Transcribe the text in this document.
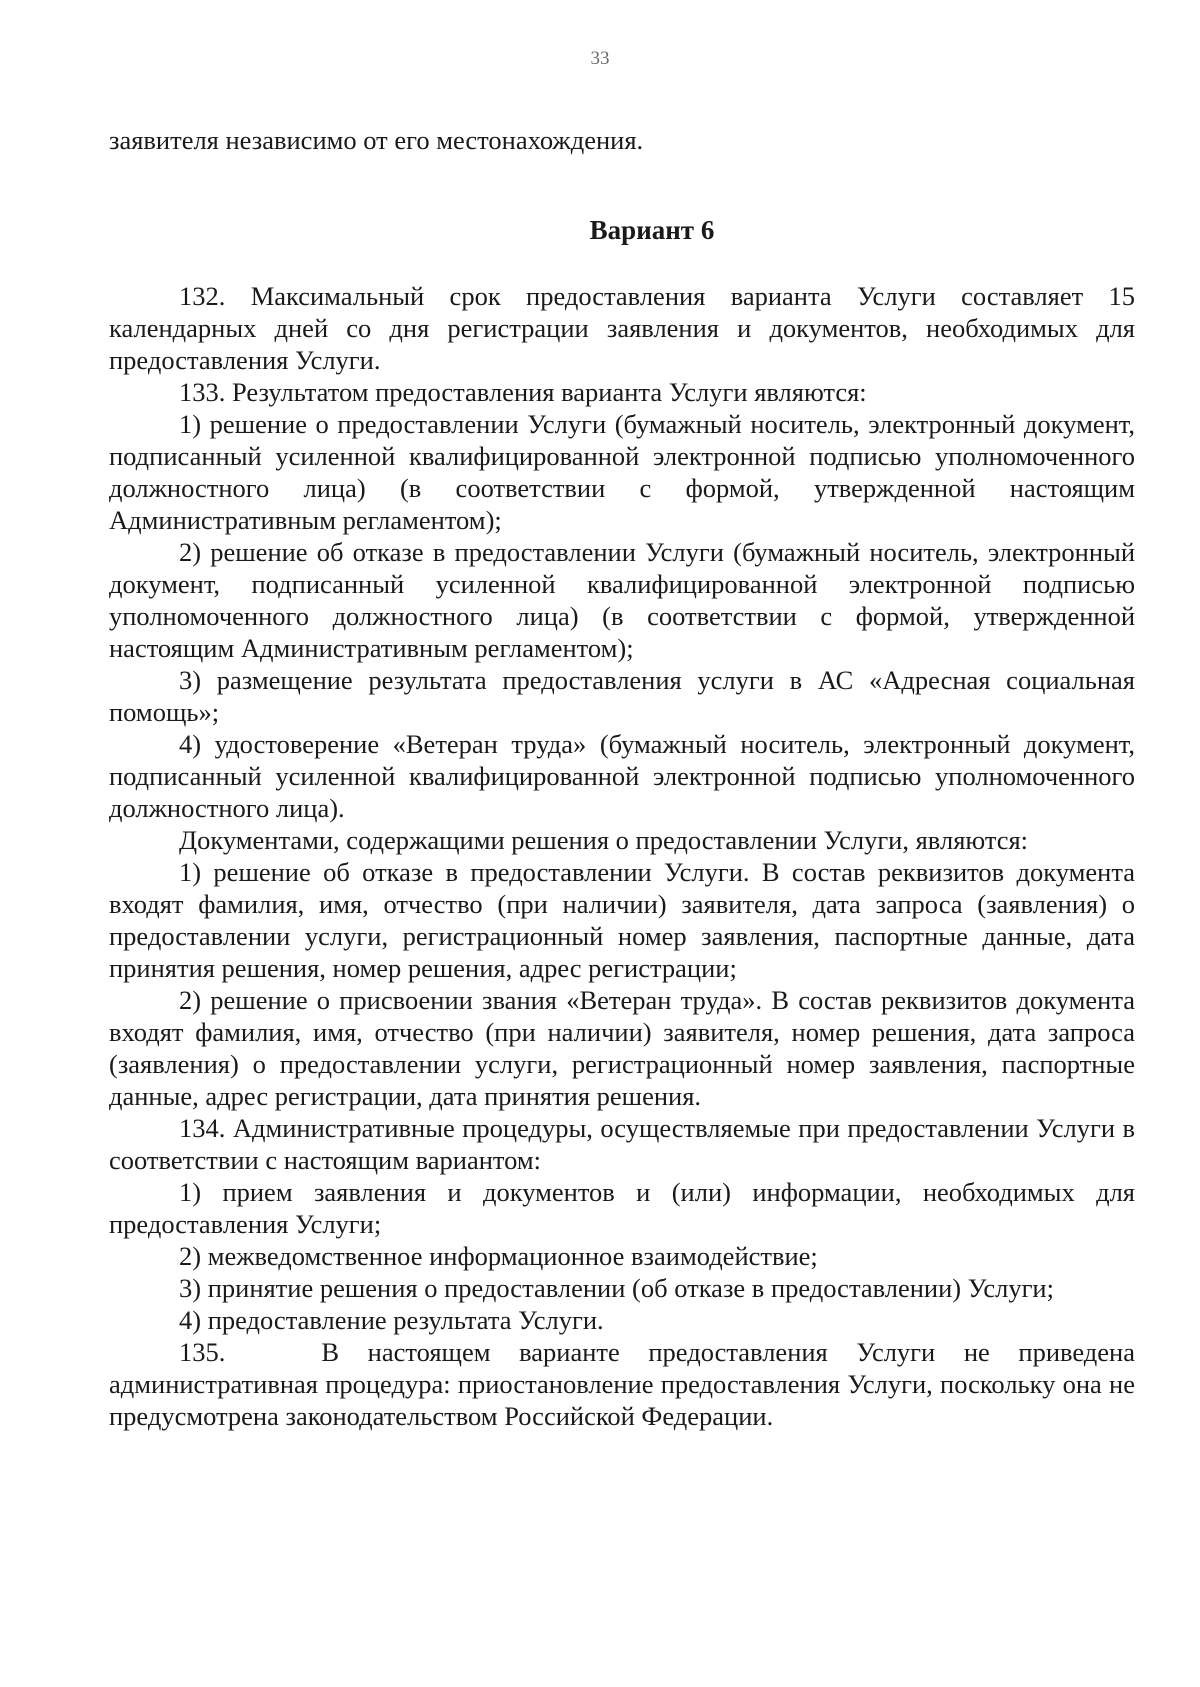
33

заявителя независимо от его местонахождения.

Вариант 6

132. Максимальный срок предоставления варианта Услуги составляет 15 календарных дней со дня регистрации заявления и документов, необходимых для предоставления Услуги.

133. Результатом предоставления варианта Услуги являются:

1) решение о предоставлении Услуги (бумажный носитель, электронный документ, подписанный усиленной квалифицированной электронной подписью уполномоченного должностного лица) (в соответствии с формой, утвержденной настоящим Административным регламентом);

2) решение об отказе в предоставлении Услуги (бумажный носитель, электронный документ, подписанный усиленной квалифицированной электронной подписью уполномоченного должностного лица) (в соответствии с формой, утвержденной настоящим Административным регламентом);

3) размещение результата предоставления услуги в АС «Адресная социальная помощь»;

4) удостоверение «Ветеран труда» (бумажный носитель, электронный документ, подписанный усиленной квалифицированной электронной подписью уполномоченного должностного лица).

Документами, содержащими решения о предоставлении Услуги, являются:

1) решение об отказе в предоставлении Услуги. В состав реквизитов документа входят фамилия, имя, отчество (при наличии) заявителя, дата запроса (заявления) о предоставлении услуги, регистрационный номер заявления, паспортные данные, дата принятия решения, номер решения, адрес регистрации;

2) решение о присвоении звания «Ветеран труда». В состав реквизитов документа входят фамилия, имя, отчество (при наличии) заявителя, номер решения, дата запроса (заявления) о предоставлении услуги, регистрационный номер заявления, паспортные данные, адрес регистрации, дата принятия решения.

134. Административные процедуры, осуществляемые при предоставлении Услуги в соответствии с настоящим вариантом:

1) прием заявления и документов и (или) информации, необходимых для предоставления Услуги;

2) межведомственное информационное взаимодействие;

3) принятие решения о предоставлении (об отказе в предоставлении) Услуги;

4) предоставление результата Услуги.

135.	В настоящем варианте предоставления Услуги не приведена административная процедура: приостановление предоставления Услуги, поскольку она не предусмотрена законодательством Российской Федерации.
